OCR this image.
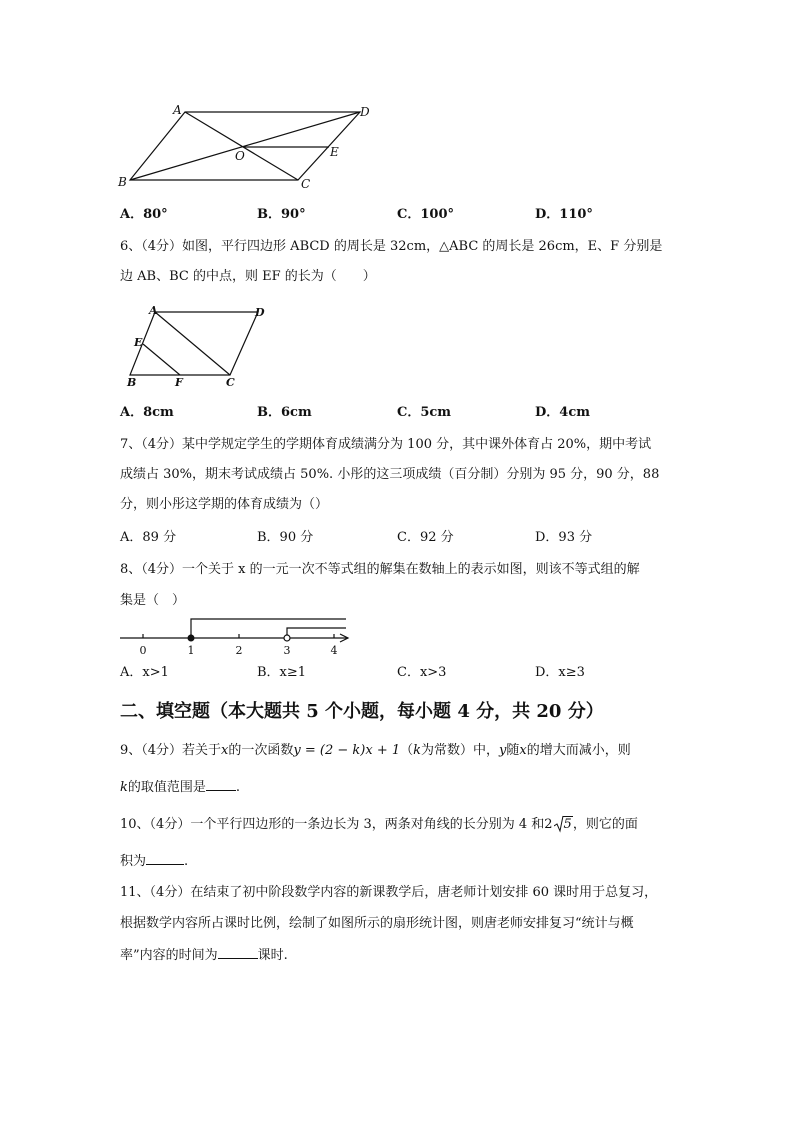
A	D
B	C
O	E
A．80°	B．90°	C．100°	D．110°
6、（4分）如图，平行四边形 ABCD 的周长是 32cm，△ABC 的周长是 26cm，E、F 分别是
边 AB、BC 的中点，则 EF 的长为（　　）
A	D
E
B	F	C
A．8cm	B．6cm	C．5cm	D．4cm
7、（4分）某中学规定学生的学期体育成绩满分为 100 分，其中课外体育占 20%，期中考试
成绩占 30%，期末考试成绩占 50%. 小彤的这三项成绩（百分制）分别为 95 分，90 分，88
分，则小彤这学期的体育成绩为（）
A．89 分	B．90 分	C．92 分	D．93 分
8、（4分）一个关于 x 的一元一次不等式组的解集在数轴上的表示如图，则该不等式组的解
集是（　）
0	1	2	3	4
A．x>1	B．x≥1	C．x>3	D．x≥3
二、填空题（本大题共 5 个小题，每小题 4 分，共 20 分）
9、（4分）若关于x的一次函数y = (2 − k)x + 1（k为常数）中，y随x的增大而减小，则
k的取值范围是 .
10、（4分）一个平行四边形的一条边长为 3，两条对角线的长分别为 4 和2 5，则它的面
积为	.
11、（4分）在结束了初中阶段数学内容的新课教学后，唐老师计划安排 60 课时用于总复习，
根据数学内容所占课时比例，绘制了如图所示的扇形统计图，则唐老师安排复习“统计与概
率”内容的时间为	课时.
